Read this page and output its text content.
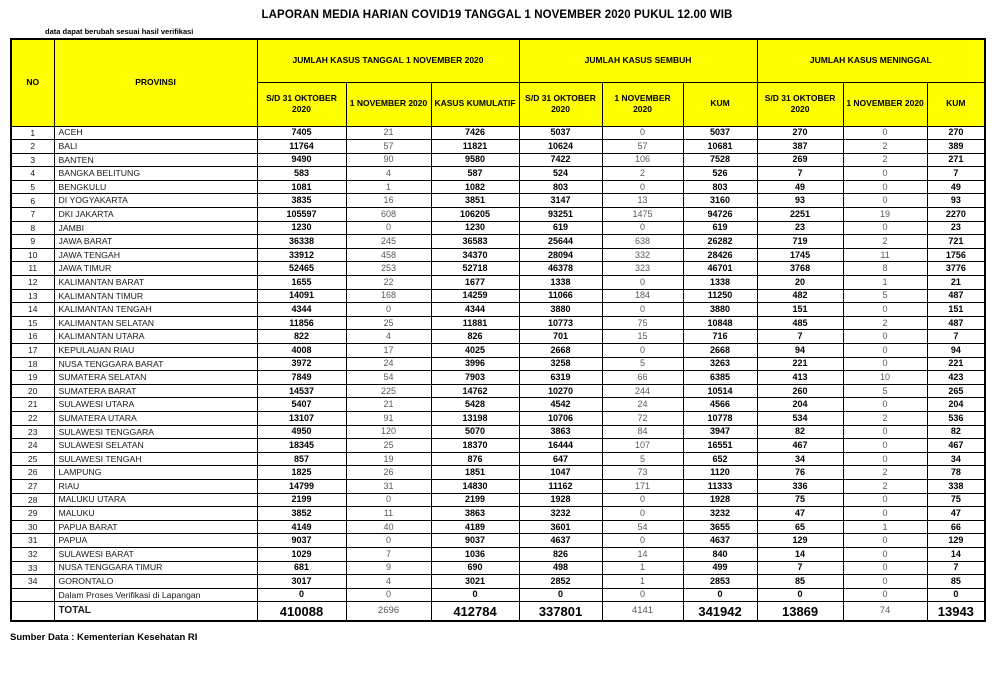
LAPORAN MEDIA HARIAN COVID19 TANGGAL 1 NOVEMBER 2020 PUKUL 12.00 WIB
data dapat berubah sesuai hasil verifikasi
NO	PROVINSI	JUMLAH KASUS TANGGAL 1 NOVEMBER 2020			JUMLAH KASUS SEMBUH			JUMLAH KASUS MENINGGAL		
		S/D 31 OKTOBER 2020	1 NOVEMBER 2020	KASUS KUMULATIF	S/D 31 OKTOBER 2020	1 NOVEMBER 2020	KUM	S/D 31 OKTOBER 2020	1 NOVEMBER 2020	KUM
1	ACEH	7405	21	7426	5037	0	5037	270	0	270
2	BALI	11764	57	11821	10624	57	10681	387	2	389
3	BANTEN	9490	90	9580	7422	106	7528	269	2	271
4	BANGKA BELITUNG	583	4	587	524	2	526	7	0	7
5	BENGKULU	1081	1	1082	803	0	803	49	0	49
6	DI YOGYAKARTA	3835	16	3851	3147	13	3160	93	0	93
7	DKI JAKARTA	105597	608	106205	93251	1475	94726	2251	19	2270
8	JAMBI	1230	0	1230	619	0	619	23	0	23
9	JAWA BARAT	36338	245	36583	25644	638	26282	719	2	721
10	JAWA TENGAH	33912	458	34370	28094	332	28426	1745	11	1756
11	JAWA TIMUR	52465	253	52718	46378	323	46701	3768	8	3776
12	KALIMANTAN BARAT	1655	22	1677	1338	0	1338	20	1	21
13	KALIMANTAN TIMUR	14091	168	14259	11066	184	11250	482	5	487
14	KALIMANTAN TENGAH	4344	0	4344	3880	0	3880	151	0	151
15	KALIMANTAN SELATAN	11856	25	11881	10773	75	10848	485	2	487
16	KALIMANTAN UTARA	822	4	826	701	15	716	7	0	7
17	KEPULAUAN RIAU	4008	17	4025	2668	0	2668	94	0	94
18	NUSA TENGGARA BARAT	3972	24	3996	3258	5	3263	221	0	221
19	SUMATERA SELATAN	7849	54	7903	6319	66	6385	413	10	423
20	SUMATERA BARAT	14537	225	14762	10270	244	10514	260	5	265
21	SULAWESI UTARA	5407	21	5428	4542	24	4566	204	0	204
22	SUMATERA UTARA	13107	91	13198	10706	72	10778	534	2	536
23	SULAWESI TENGGARA	4950	120	5070	3863	84	3947	82	0	82
24	SULAWESI SELATAN	18345	25	18370	16444	107	16551	467	0	467
25	SULAWESI TENGAH	857	19	876	647	5	652	34	0	34
26	LAMPUNG	1825	26	1851	1047	73	1120	76	2	78
27	RIAU	14799	31	14830	11162	171	11333	336	2	338
28	MALUKU UTARA	2199	0	2199	1928	0	1928	75	0	75
29	MALUKU	3852	11	3863	3232	0	3232	47	0	47
30	PAPUA BARAT	4149	40	4189	3601	54	3655	65	1	66
31	PAPUA	9037	0	9037	4637	0	4637	129	0	129
32	SULAWESI BARAT	1029	7	1036	826	14	840	14	0	14
33	NUSA TENGGARA TIMUR	681	9	690	498	1	499	7	0	7
34	GORONTALO	3017	4	3021	2852	1	2853	85	0	85
	Dalam Proses Verifikasi di Lapangan	0	0	0	0	0	0	0	0	0
	TOTAL	410088	2696	412784	337801	4141	341942	13869	74	13943
Sumber Data : Kementerian Kesehatan RI
